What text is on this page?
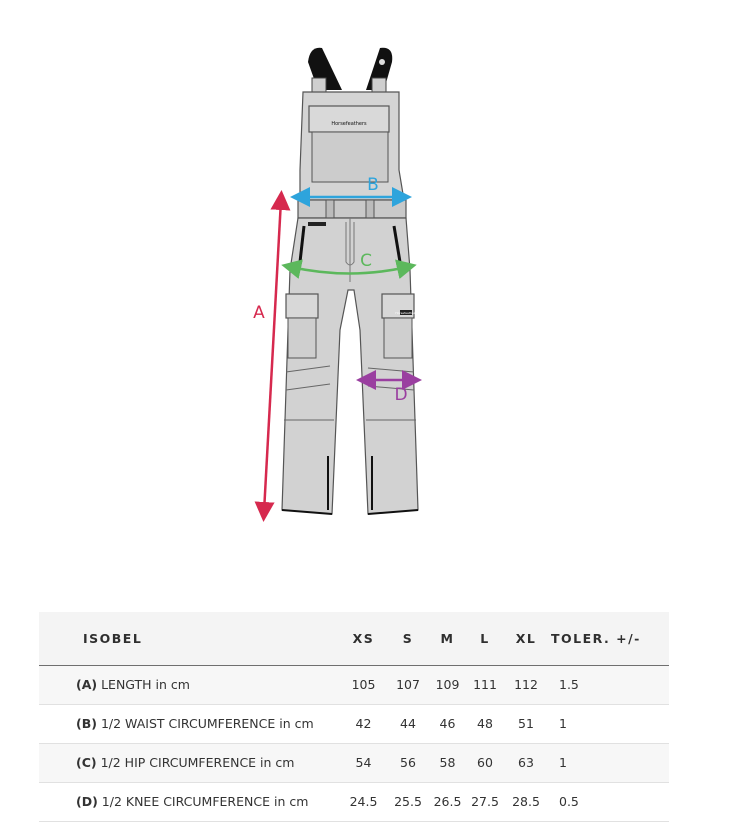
Horsefeathers
Horsefeathers
A
B
C
D
ISOBEL	XS	S	M	L	XL	TOLER. +/-
(A) LENGTH in cm	105	107	109	111	112	1.5
(B) 1/2 WAIST CIRCUMFERENCE in cm	42	44	46	48	51	1
(C) 1/2 HIP CIRCUMFERENCE in cm	54	56	58	60	63	1
(D) 1/2 KNEE CIRCUMFERENCE in cm	24.5	25.5	26.5	27.5	28.5	0.5
